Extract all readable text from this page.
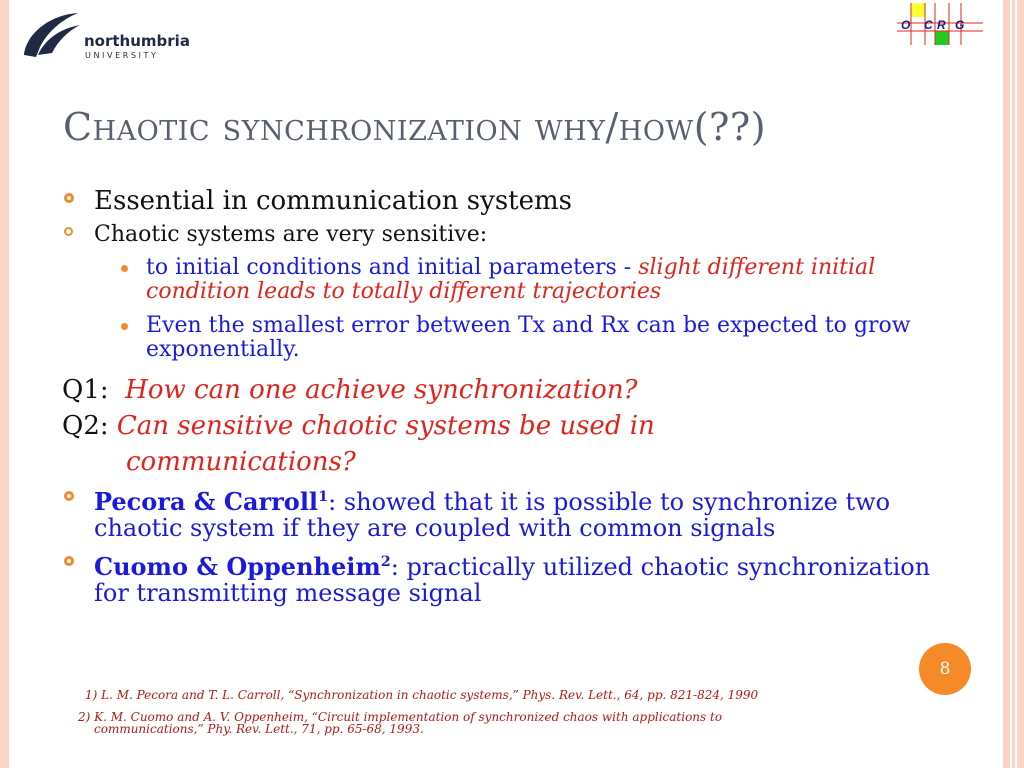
northumbria
UNIVERSITY
O C R G
Chaotic synchronization why/how(??)

Essential in communication systems

Chaotic systems are very sensitive:

to initial conditions and initial parameters - slight different initial condition leads to totally different trajectories

Even the smallest error between Tx and Rx can be expected to grow exponentially.

Q1: How can one achieve synchronization?

Q2: Can sensitive chaotic systems be used in

communications?

Pecora & Carroll$^1$: showed that it is possible to synchronize two chaotic system if they are coupled with common signals

Cuomo & Oppenheim$^2$: practically utilized chaotic synchronization for transmitting message signal

8
1) L. M. Pecora and T. L. Carroll, “Synchronization in chaotic systems,” Phys. Rev. Lett., 64, pp. 821-824, 1990
2) K. M. Cuomo and A. V. Oppenheim, “Circuit implementation of synchronized chaos with applications to
communications,” Phy. Rev. Lett., 71, pp. 65-68, 1993.
